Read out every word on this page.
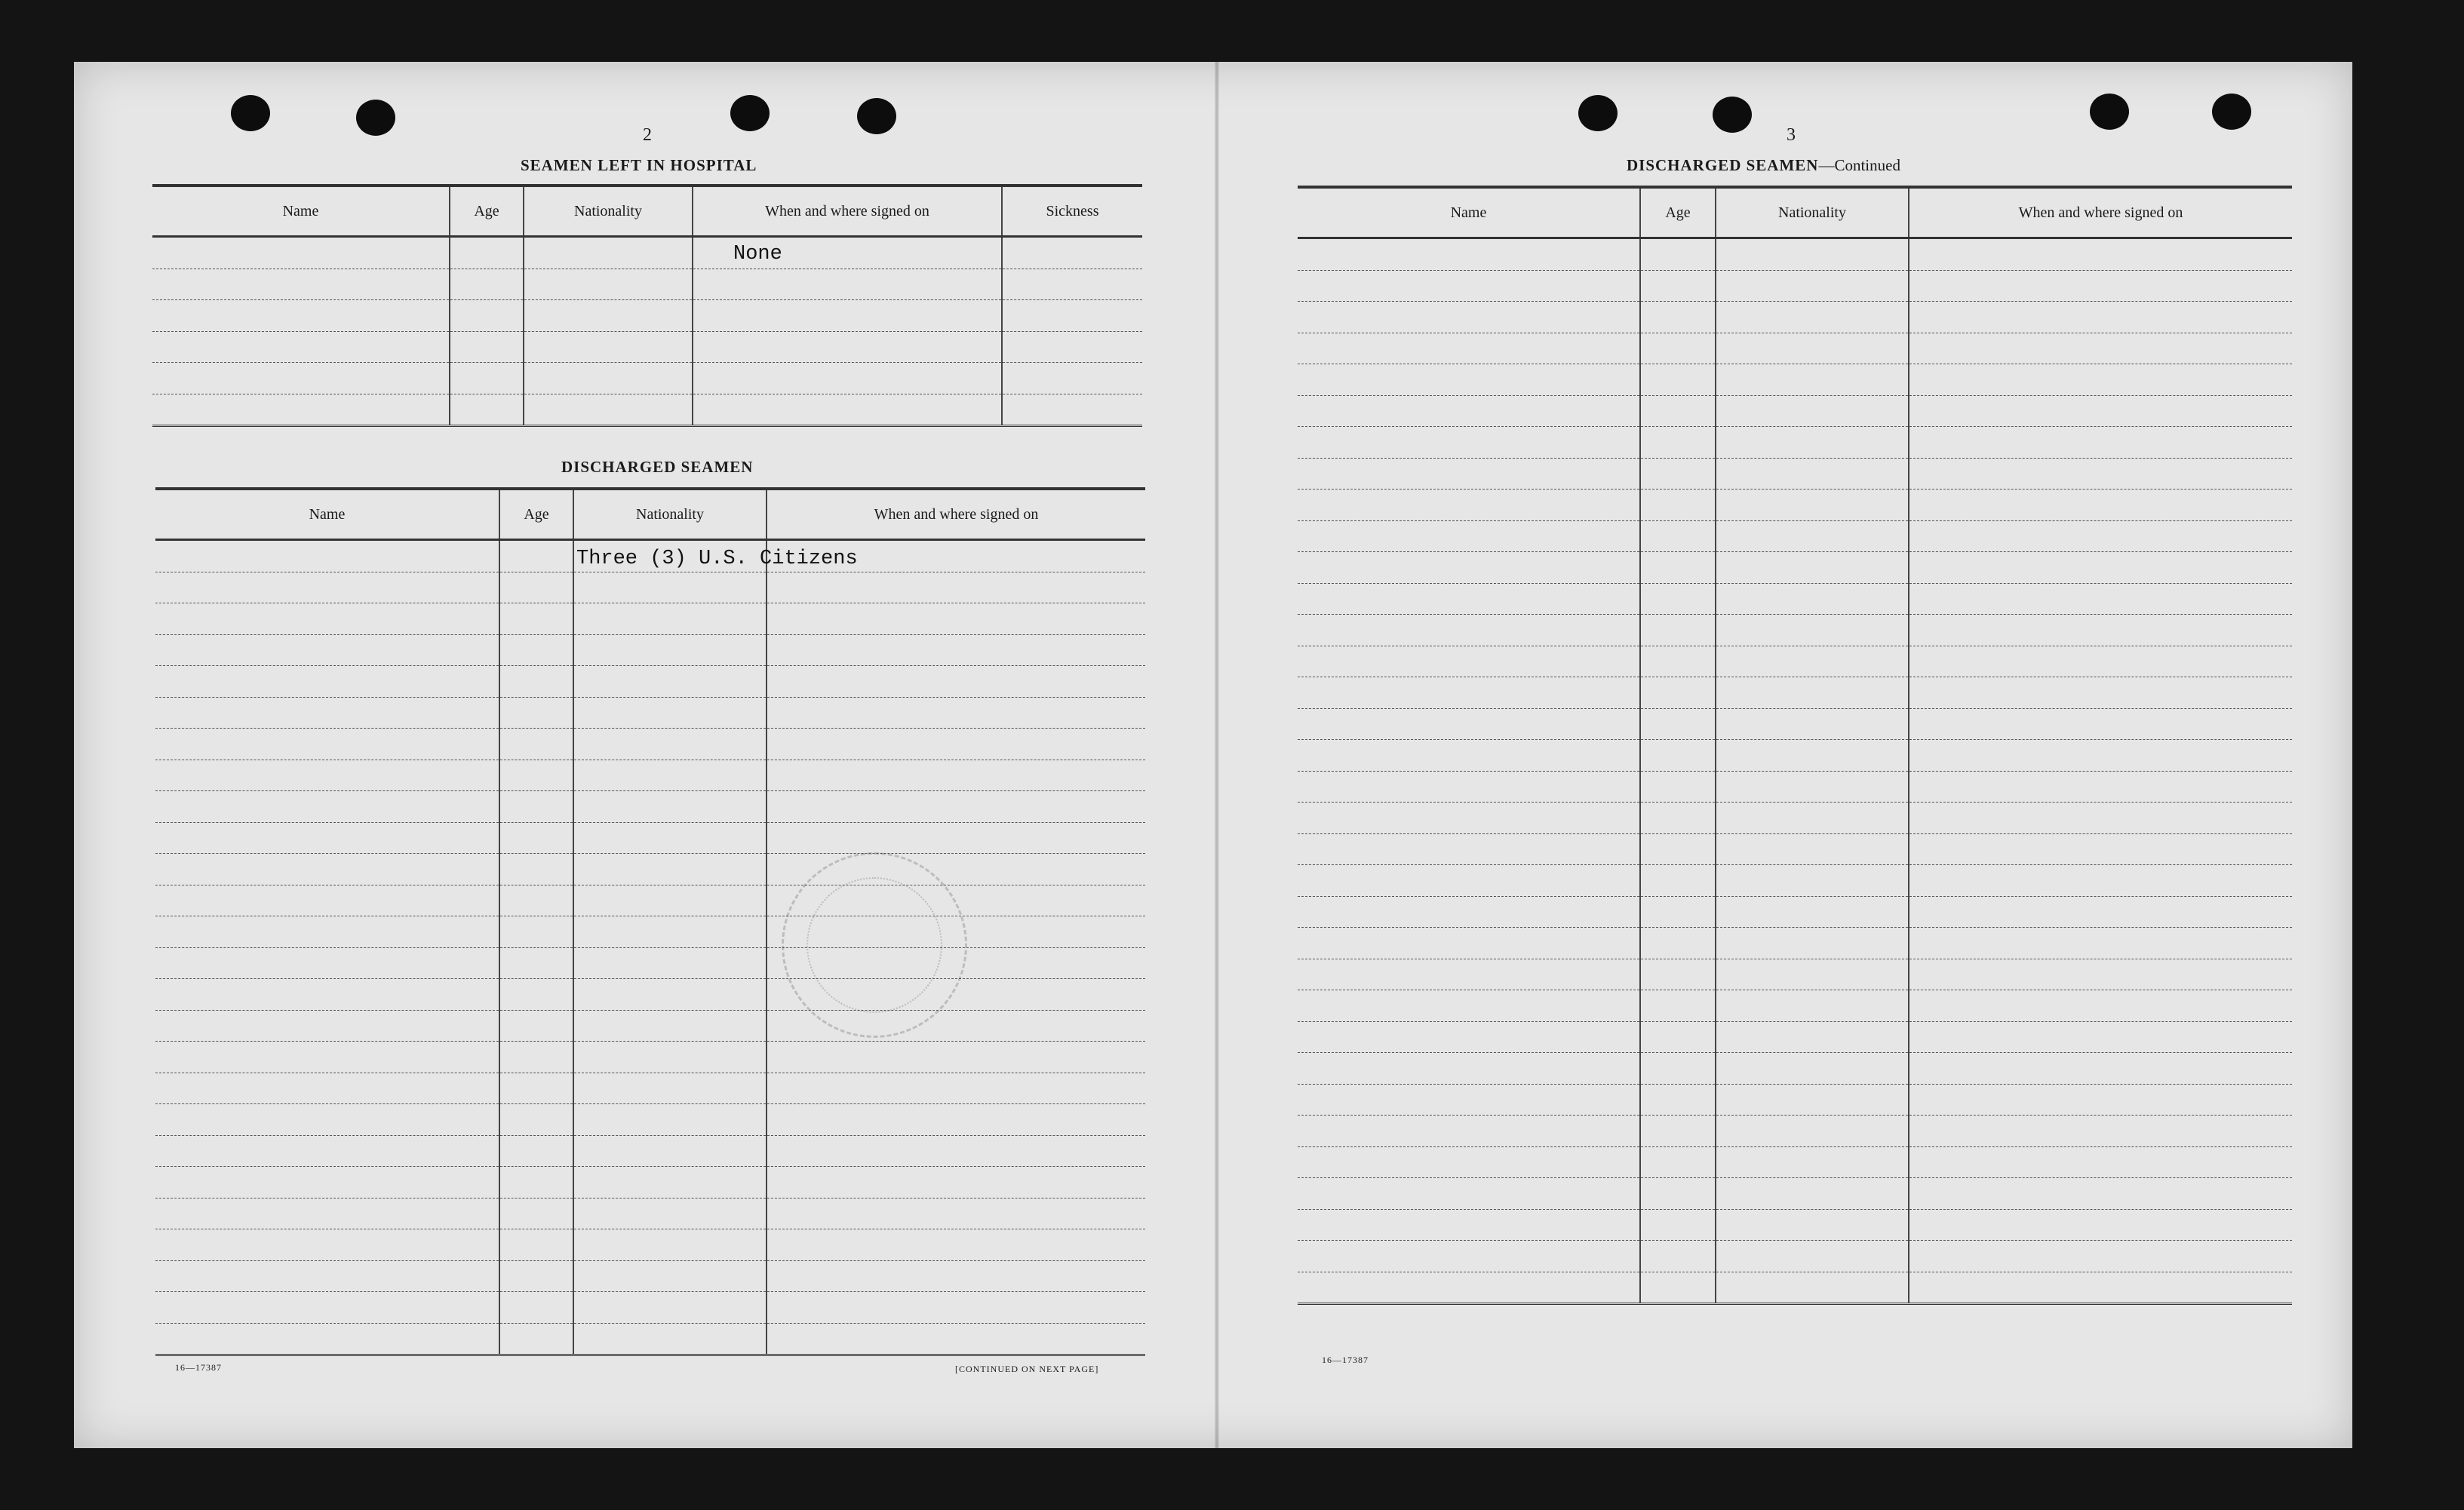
2
SEAMEN LEFT IN HOSPITAL
Name	Age	Nationality	When and where signed on	Sickness

None
DISCHARGED SEAMEN
Name	Age	Nationality	When and where signed on

Three (3) U.S. Citizens
16—17387	[CONTINUED ON NEXT PAGE]
3
DISCHARGED SEAMEN—Continued
Name	Age	Nationality	When and where signed on

16—17387
